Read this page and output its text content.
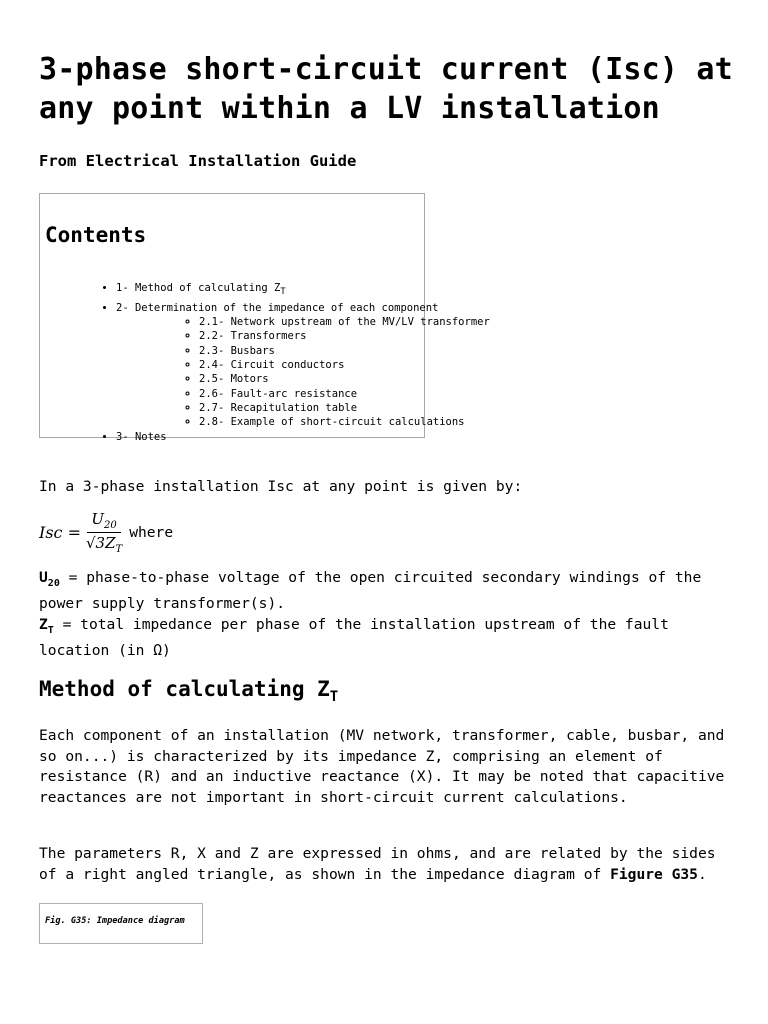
3-phase short-circuit current (Isc) at any point within a LV installation
From Electrical Installation Guide
Contents
• 1- Method of calculating $Z_T$
• 2- Determination of the impedance of each component
◦ 2.1- Network upstream of the MV/LV transformer
◦ 2.2- Transformers
◦ 2.3- Busbars
◦ 2.4- Circuit conductors
◦ 2.5- Motors
◦ 2.6- Fault-arc resistance
◦ 2.7- Recapitulation table
◦ 2.8- Example of short-circuit calculations
• 3- Notes
In a 3-phase installation Isc at any point is given by:
Isc = $\frac{U_{20}}{√3Z_T}$ where
$U_{20}$ = phase-to-phase voltage of the open circuited secondary windings of the power supply transformer(s).
$Z_T$ = total impedance per phase of the installation upstream of the fault location (in Ω)
Method of calculating $Z_T$
Each component of an installation (MV network, transformer, cable, busbar, and so on...) is characterized by its impedance Z, comprising an element of resistance (R) and an inductive reactance (X). It may be noted that capacitive reactances are not important in short-circuit current calculations.
The parameters R, X and Z are expressed in ohms, and are related by the sides of a right angled triangle, as shown in the impedance diagram of Figure G35.
Fig. G35: Impedance diagram
